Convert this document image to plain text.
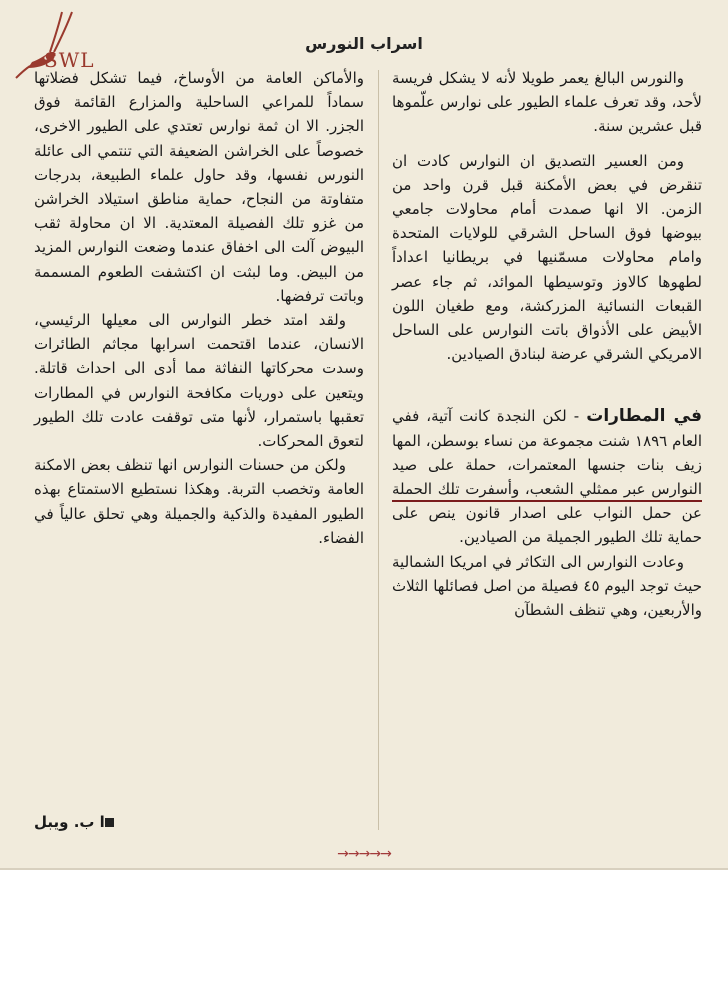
SWL
اسراب النورس

والنورس البالغ يعمر طويلا لأنه لا يشكل فريسة لأحد، وقد تعرف علماء الطيور على نوارس علّموها قبل عشرين سنة.

ومن العسير التصديق ان النوارس كادت ان تنقرض في بعض الأمكنة قبل قرن واحد من الزمن. الا انها صمدت أمام محاولات جامعي بيوضها فوق الساحل الشرقي للولايات المتحدة وامام محاولات مسمّنيها في بريطانيا اعداداً لطهوها كالاوز وتوسيطها الموائد، ثم جاء عصر القبعات النسائية المزركشة، ومع طغيان اللون الأبيض على الأذواق باتت النوارس على الساحل الامريكي الشرقي عرضة لبنادق الصيادين.

في المطارات - لكن النجدة كانت آتية، ففي العام ١٨٩٦ شنت مجموعة من نساء بوسطن، المها زيف بنات جنسها المعتمرات، حملة على صيد النوارس عبر ممثلي الشعب، وأسفرت تلك الحملة عن حمل النواب على اصدار قانون ينص على حماية تلك الطيور الجميلة من الصيادين.

وعادت النوارس الى التكاثر في امريكا الشمالية حيث توجد اليوم ٤٥ فصيلة من اصل فصائلها الثلاث والأربعين، وهي تنظف الشطآن

والأماكن العامة من الأوساخ، فيما تشكل فضلاتها سماداً للمراعي الساحلية والمزارع القائمة فوق الجزر. الا ان ثمة نوارس تعتدي على الطيور الاخرى، خصوصاً على الخراشن الضعيفة التي تنتمي الى عائلة النورس نفسها، وقد حاول علماء الطبيعة، بدرجات متفاوتة من النجاح، حماية مناطق استيلاد الخراشن من غزو تلك الفصيلة المعتدية. الا ان محاولة ثقب البيوض آلت الى اخفاق عندما وضعت النوارس المزيد من البيض. وما لبثت ان اكتشفت الطعوم المسممة وباتت ترفضها.

ولقد امتد خطر النوارس الى معيلها الرئيسي، الانسان، عندما اقتحمت اسرابها مجاثم الطائرات وسدت محركاتها النفاثة مما أدى الى احداث قاتلة. ويتعين على دوريات مكافحة النوارس في المطارات تعقبها باستمرار، لأنها متى توقفت عادت تلك الطيور لتعوق المحركات.

ولكن من حسنات النوارس انها تنظف بعض الامكنة العامة وتخصب التربة. وهكذا نستطيع الاستمتاع بهذه الطيور المفيدة والذكية والجميلة وهي تحلق عالياً في الفضاء.

ا ب. ويبل
→→→→→
